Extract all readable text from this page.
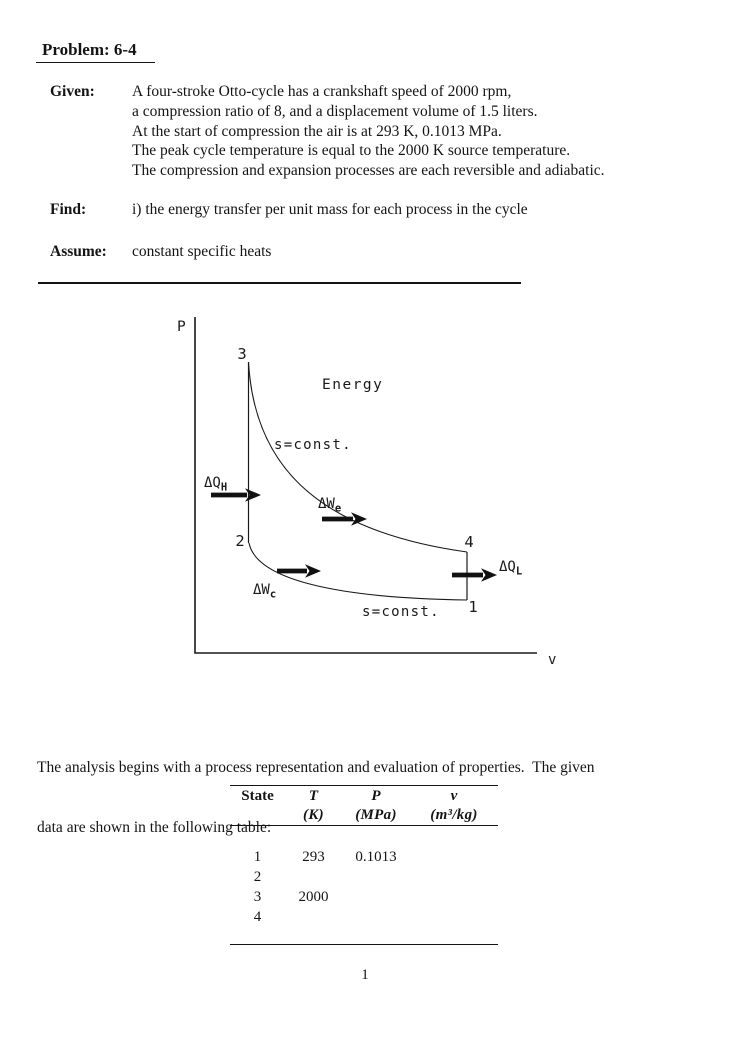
Problem: 6-4
Given:	A four-stroke Otto-cycle has a crankshaft speed of 2000 rpm,
a compression ratio of 8, and a displacement volume of 1.5 liters.
At the start of compression the air is at 293 K, 0.1013 MPa.
The peak cycle temperature is equal to the 2000 K source temperature.
The compression and expansion processes are each reversible and adiabatic.
Find:	i) the energy transfer per unit mass for each process in the cycle
Assume:	constant specific heats
P
v
3
2	4
1
Energy
s=const.
s=const.
$\Delta Q_H$
$\Delta W_e$
$\Delta W_c$
$\Delta Q_L$

The analysis begins with a process representation and evaluation of properties.  The given

data are shown in the following table:

State	T	P	v
(K)	(MPa)	(m³/kg)
1	293	0.1013
2
3	2000
4
1
